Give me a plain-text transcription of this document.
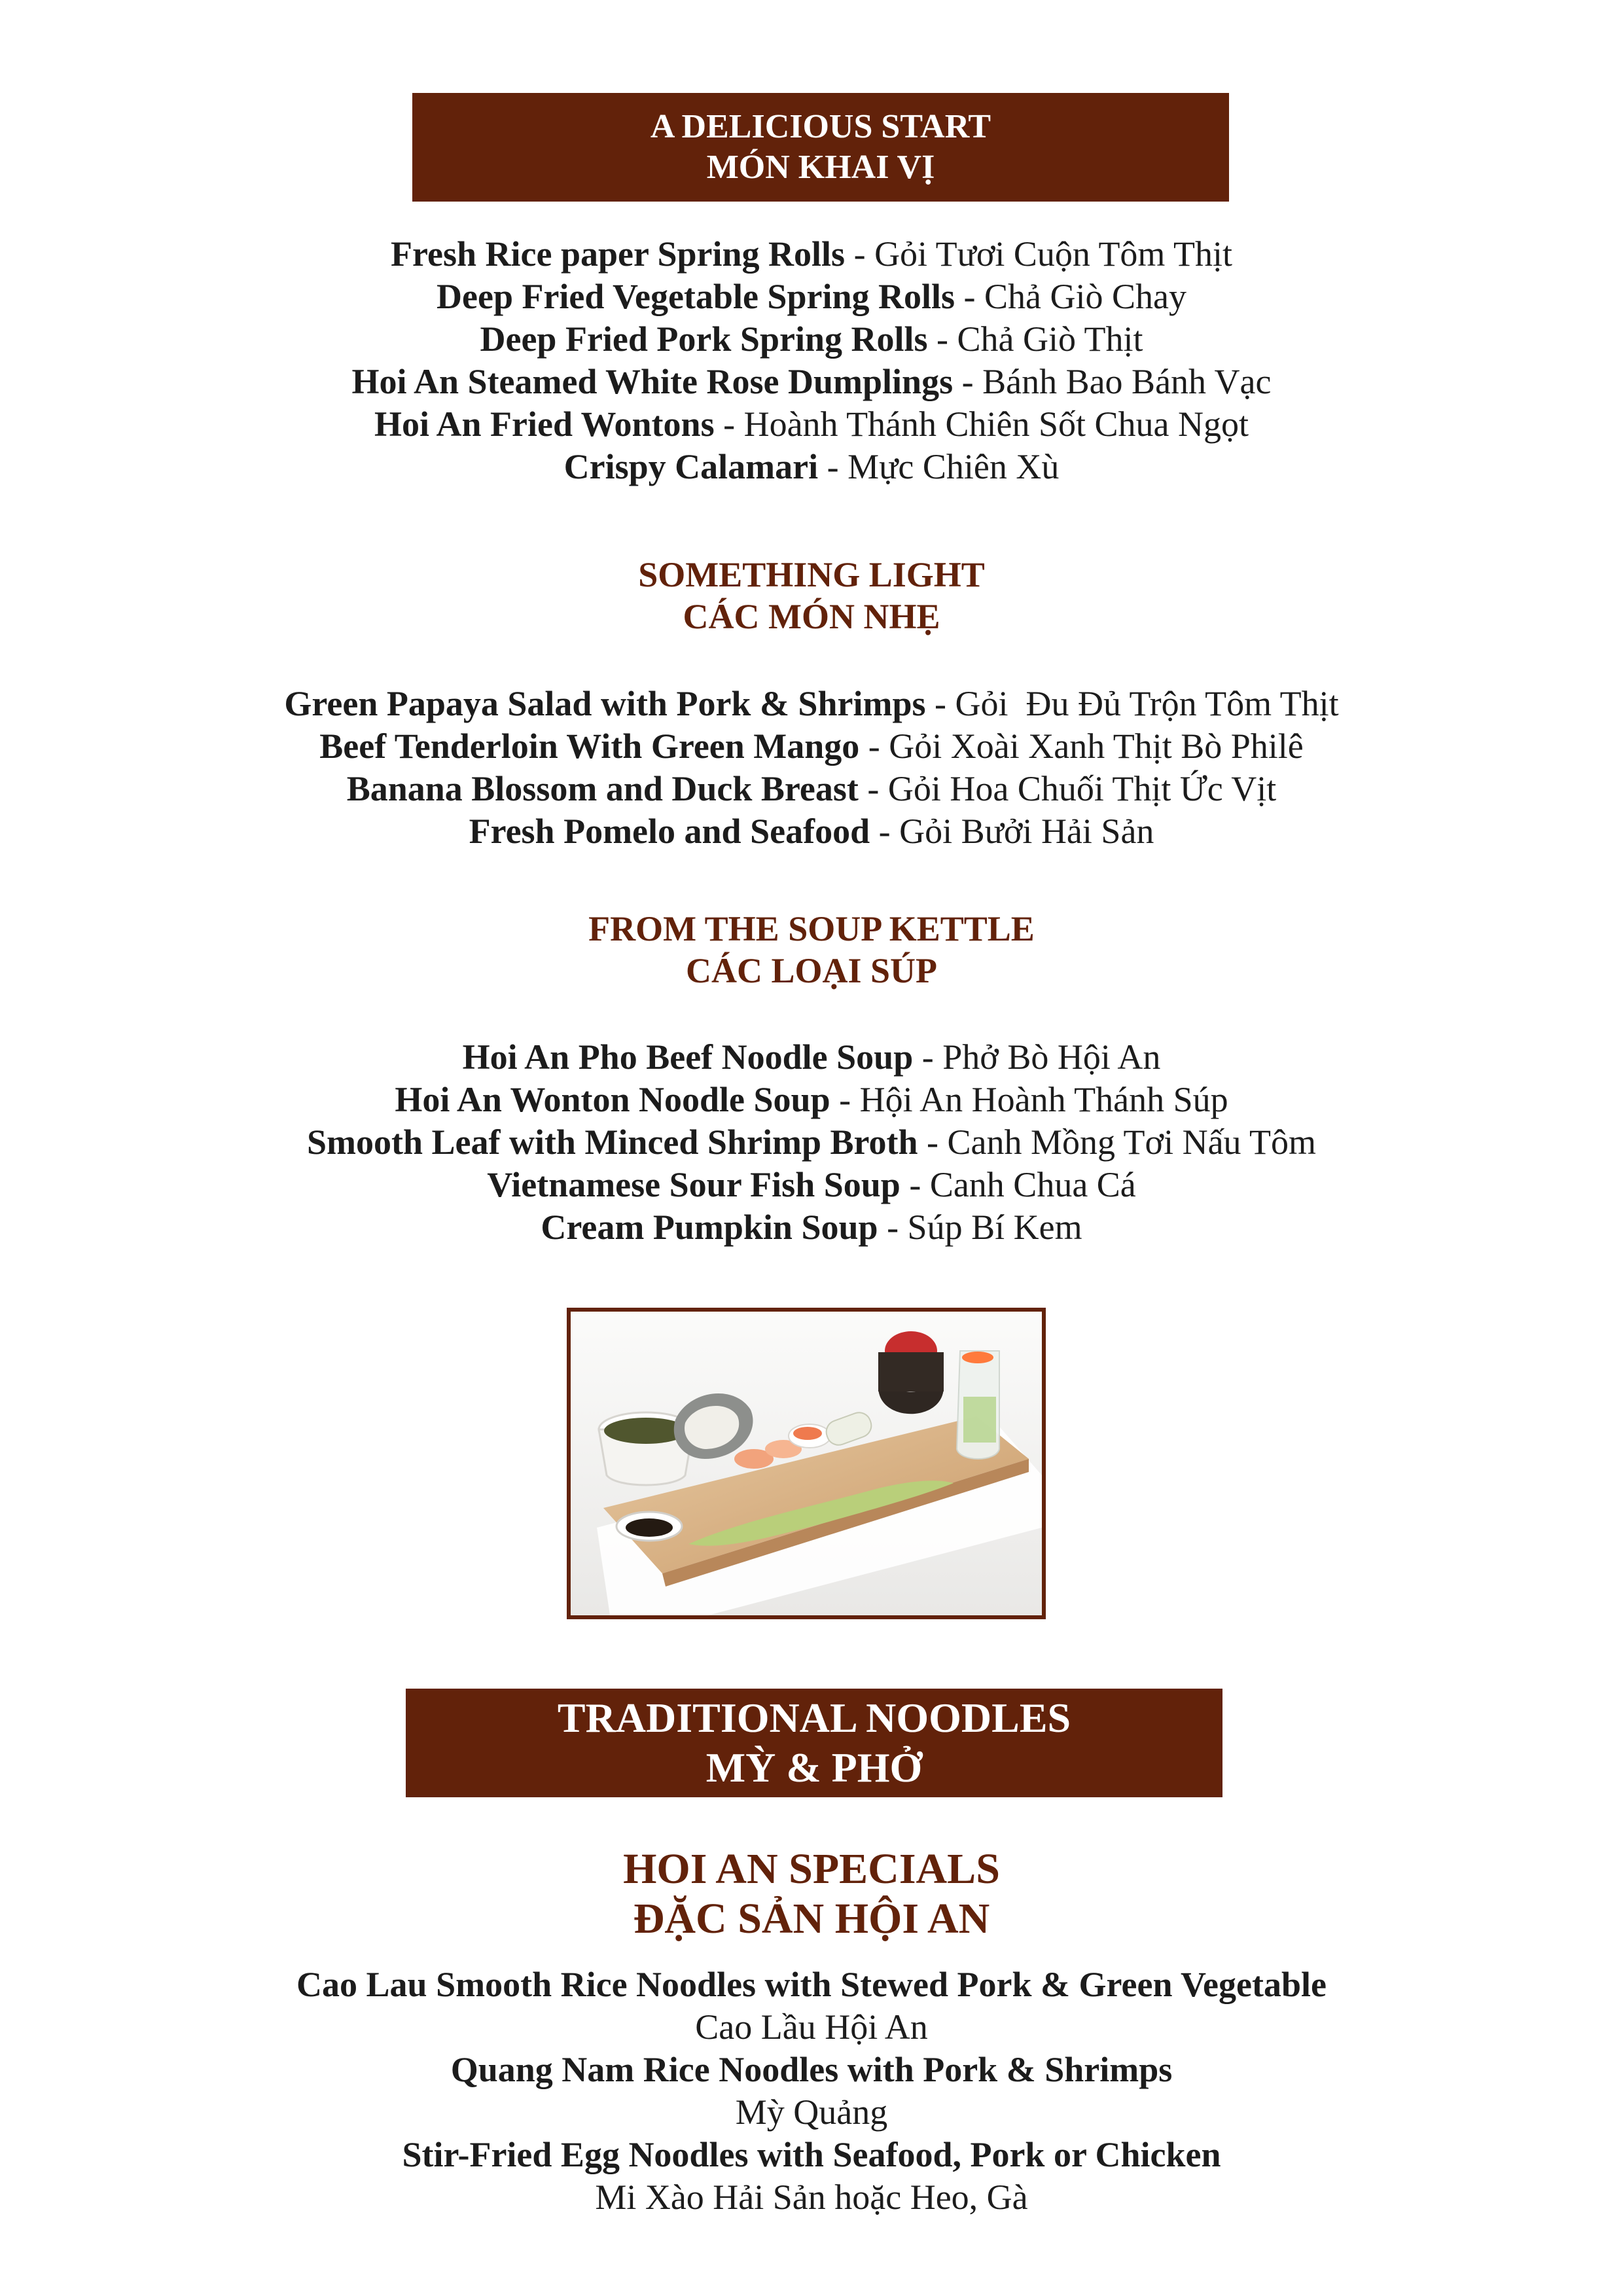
A DELICIOUS START
MÓN KHAI VỊ
Fresh Rice paper Spring Rolls - Gỏi Tươi Cuộn Tôm Thịt
Deep Fried Vegetable Spring Rolls - Chả Giò Chay
Deep Fried Pork Spring Rolls - Chả Giò Thịt
Hoi An Steamed White Rose Dumplings - Bánh Bao Bánh Vạc
Hoi An Fried Wontons - Hoành Thánh Chiên Sốt Chua Ngọt
Crispy Calamari - Mực Chiên Xù
SOMETHING LIGHT
CÁC MÓN NHẸ
Green Papaya Salad with Pork & Shrimps - Gỏi  Đu Đủ Trộn Tôm Thịt
Beef Tenderloin With Green Mango - Gỏi Xoài Xanh Thịt Bò Philê
Banana Blossom and Duck Breast - Gỏi Hoa Chuối Thịt Ức Vịt
Fresh Pomelo and Seafood - Gỏi Bưởi Hải Sản
FROM THE SOUP KETTLE
CÁC LOẠI SÚP
Hoi An Pho Beef Noodle Soup - Phở Bò Hội An
Hoi An Wonton Noodle Soup - Hội An Hoành Thánh Súp
Smooth Leaf with Minced Shrimp Broth - Canh Mồng Tơi Nấu Tôm
Vietnamese Sour Fish Soup - Canh Chua Cá
Cream Pumpkin Soup - Súp Bí Kem
TRADITIONAL NOODLES
MỲ & PHỞ
HOI AN SPECIALS
ĐẶC SẢN HỘI AN
Cao Lau Smooth Rice Noodles with Stewed Pork & Green Vegetable
Cao Lầu Hội An
Quang Nam Rice Noodles with Pork & Shrimps
Mỳ Quảng
Stir-Fried Egg Noodles with Seafood, Pork or Chicken
Mi Xào Hải Sản hoặc Heo, Gà
